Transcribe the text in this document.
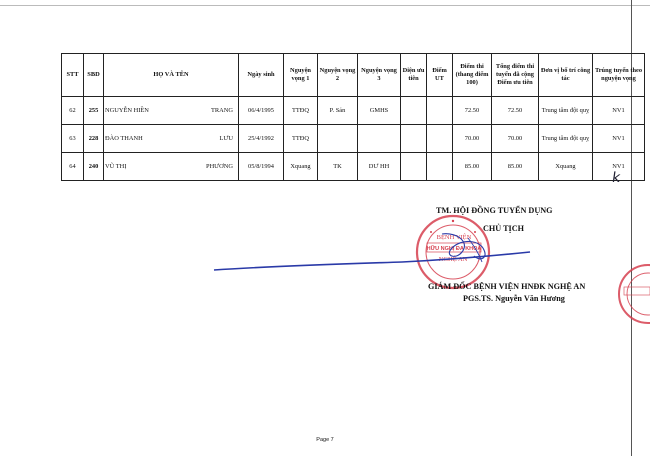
STT	SBD	HỌ VÀ TÊN	Ngày sinh	Nguyện vọng 1	Nguyện vọng 2	Nguyện vọng 3	Diện ưu tiên	Điểm UT	Điểm thi (thang điểm 100)	Tổng điểm thi tuyển đã cộng Điểm ưu tiên	Đơn vị bố trí công tác	Trúng tuyển theo nguyện vọng
62	255	NGUYỄN HIỀN TRANG	06/4/1995	TTĐQ	P. Sản	GMHS			72.50	72.50	Trung tâm đột quỵ	NV1
63	228	ĐÀO THANH LƯU	25/4/1992	TTĐQ					70.00	70.00	Trung tâm đột quỵ	NV1
64	240	VŨ THỊ PHƯƠNG	05/8/1994	Xquang	TK	DƯ HH			85.00	85.00	Xquang	NV1
k
BỆNH VIỆN
HỮU NGHỊ ĐA KHOA
NGHỆ AN
TM. HỘI ĐỒNG TUYỂN DỤNG
CHỦ TỊCH
GIÁM ĐỐC BỆNH VIỆN HNĐK NGHỆ AN
PGS.TS. Nguyễn Văn Hương
Page 7
